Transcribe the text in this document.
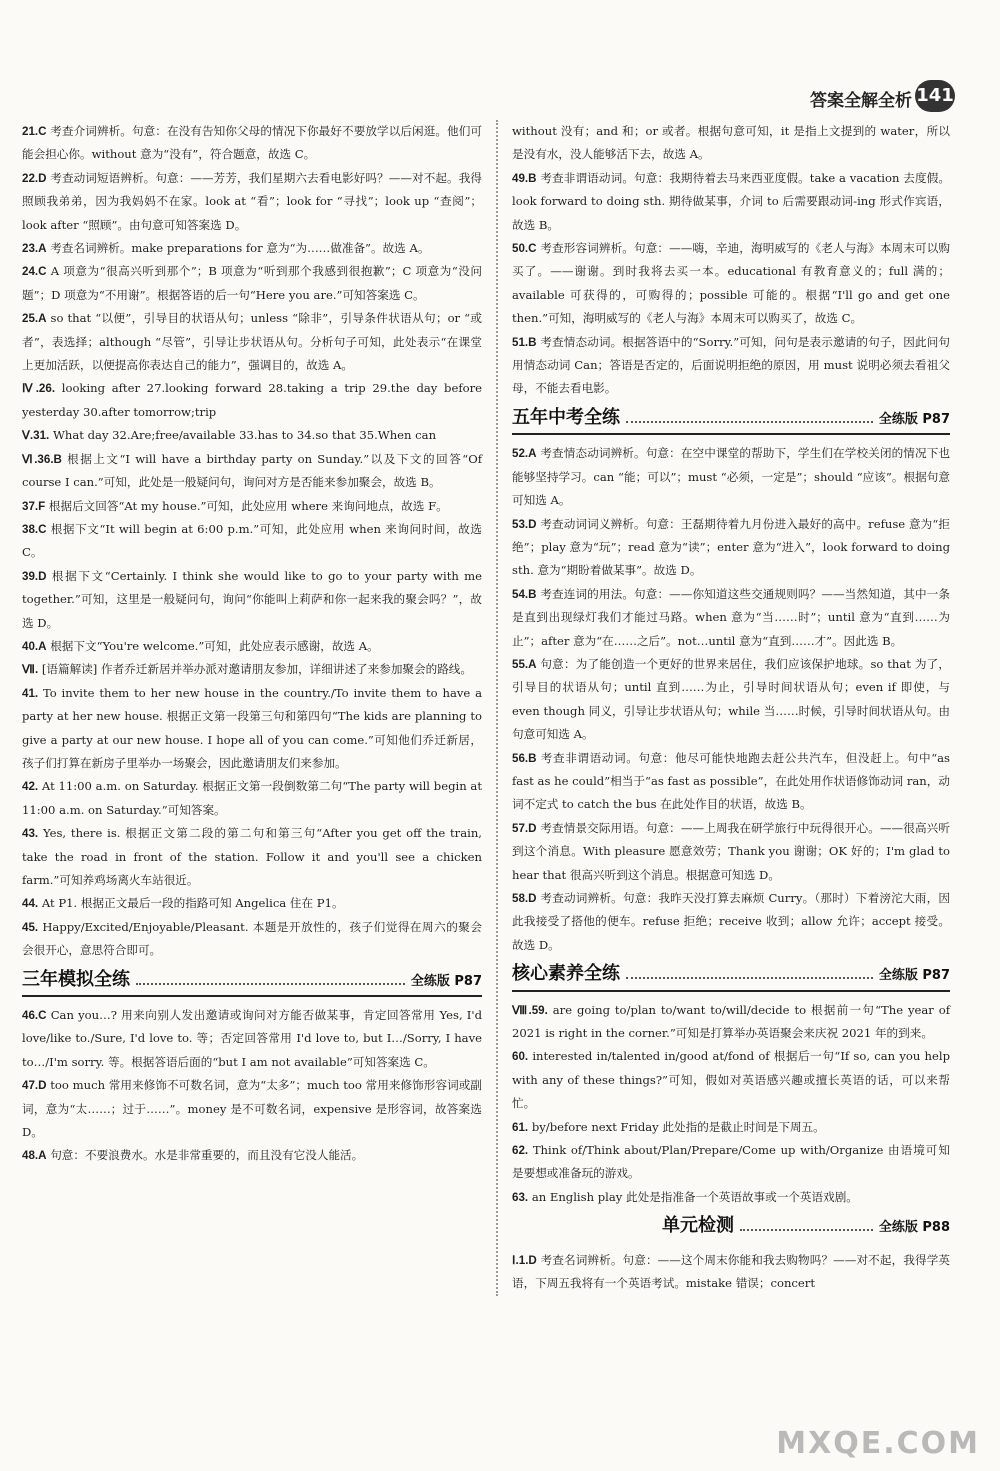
答案全解全析 141

21.C 考查介词辨析。句意：在没有告知你父母的情况下你最好不要放学以后闲逛。他们可能会担心你。without 意为“没有”，符合题意，故选 C。

22.D 考查动词短语辨析。句意：——芳芳，我们星期六去看电影好吗？——对不起。我得照顾我弟弟，因为我妈妈不在家。look at “看”；look for “寻找”；look up “查阅”；look after “照顾”。由句意可知答案选 D。

23.A 考查名词辨析。make preparations for 意为“为……做准备”。故选 A。

24.C A 项意为“很高兴听到那个”；B 项意为“听到那个我感到很抱歉”；C 项意为“没问题”；D 项意为“不用谢”。根据答语的后一句“Here you are.”可知答案选 C。

25.A so that “以便”，引导目的状语从句；unless “除非”，引导条件状语从句；or “或者”，表选择；although “尽管”，引导让步状语从句。分析句子可知，此处表示“在课堂上更加活跃，以便提高你表达自己的能力”，强调目的，故选 A。

Ⅳ.26. looking after 27.looking forward 28.taking a trip 29.the day before yesterday 30.after tomorrow;trip

Ⅴ.31. What day 32.Are;free/available 33.has to 34.so that 35.When can

Ⅵ.36.B 根据上文“I will have a birthday party on Sunday.”以及下文的回答“Of course I can.”可知，此处是一般疑问句，询问对方是否能来参加聚会，故选 B。

37.F 根据后文回答“At my house.”可知，此处应用 where 来询问地点，故选 F。

38.C 根据下文“It will begin at 6:00 p.m.”可知，此处应用 when 来询问时间，故选 C。

39.D 根据下文“Certainly. I think she would like to go to your party with me together.”可知，这里是一般疑问句，询问“你能叫上莉萨和你一起来我的聚会吗？”，故选 D。

40.A 根据下文“You're welcome.”可知，此处应表示感谢，故选 A。

Ⅶ. [语篇解读] 作者乔迁新居并举办派对邀请朋友参加，详细讲述了来参加聚会的路线。

41. To invite them to her new house in the country./To invite them to have a party at her new house. 根据正文第一段第三句和第四句“The kids are planning to give a party at our new house. I hope all of you can come.”可知他们乔迁新居，孩子们打算在新房子里举办一场聚会，因此邀请朋友们来参加。

42. At 11:00 a.m. on Saturday. 根据正文第一段倒数第二句“The party will begin at 11:00 a.m. on Saturday.”可知答案。

43. Yes, there is. 根据正文第二段的第二句和第三句“After you get off the train, take the road in front of the station. Follow it and you'll see a chicken farm.”可知养鸡场离火车站很近。

44. At P1. 根据正文最后一段的指路可知 Angelica 住在 P1。

45. Happy/Excited/Enjoyable/Pleasant. 本题是开放性的，孩子们觉得在周六的聚会会很开心，意思符合即可。

三年模拟全练	全练版 P87

46.C Can you…? 用来向别人发出邀请或询问对方能否做某事，肯定回答常用 Yes, I'd love/like to./Sure, I'd love to. 等；否定回答常用 I'd love to, but I…/Sorry, I have to…/I'm sorry. 等。根据答语后面的“but I am not available”可知答案选 C。

47.D too much 常用来修饰不可数名词，意为“太多”；much too 常用来修饰形容词或副词，意为“太……；过于……”。money 是不可数名词，expensive 是形容词，故答案选 D。

48.A 句意：不要浪费水。水是非常重要的，而且没有它没人能活。

without 没有；and 和；or 或者。根据句意可知，it 是指上文提到的 water，所以是没有水，没人能够活下去，故选 A。

49.B 考查非谓语动词。句意：我期待着去马来西亚度假。take a vacation 去度假。look forward to doing sth. 期待做某事，介词 to 后需要跟动词-ing 形式作宾语，故选 B。

50.C 考查形容词辨析。句意：——嗨，辛迪，海明威写的《老人与海》本周末可以购买了。——谢谢。到时我将去买一本。educational 有教育意义的；full 满的；available 可获得的，可购得的；possible 可能的。根据“I'll go and get one then.”可知，海明威写的《老人与海》本周末可以购买了，故选 C。

51.B 考查情态动词。根据答语中的“Sorry.”可知，问句是表示邀请的句子，因此问句用情态动词 Can；答语是否定的，后面说明拒绝的原因，用 must 说明必须去看祖父母，不能去看电影。

五年中考全练	全练版 P87

52.A 考查情态动词辨析。句意：在空中课堂的帮助下，学生们在学校关闭的情况下也能够坚持学习。can “能；可以”；must “必须，一定是”；should “应该”。根据句意可知选 A。

53.D 考查动词词义辨析。句意：王磊期待着九月份进入最好的高中。refuse 意为“拒绝”；play 意为“玩”；read 意为“读”；enter 意为“进入”，look forward to doing sth. 意为“期盼着做某事”。故选 D。

54.B 考查连词的用法。句意：——你知道这些交通规则吗？——当然知道，其中一条是直到出现绿灯我们才能过马路。when 意为“当……时”；until 意为“直到……为止”；after 意为“在……之后”。not…until 意为“直到……才”。因此选 B。

55.A 句意：为了能创造一个更好的世界来居住，我们应该保护地球。so that 为了，引导目的状语从句；until 直到……为止，引导时间状语从句；even if 即使，与 even though 同义，引导让步状语从句；while 当……时候，引导时间状语从句。由句意可知选 A。

56.B 考查非谓语动词。句意：他尽可能快地跑去赶公共汽车，但没赶上。句中“as fast as he could”相当于“as fast as possible”，在此处用作状语修饰动词 ran，动词不定式 to catch the bus 在此处作目的状语，故选 B。

57.D 考查情景交际用语。句意：——上周我在研学旅行中玩得很开心。——很高兴听到这个消息。With pleasure 愿意效劳；Thank you 谢谢；OK 好的；I'm glad to hear that 很高兴听到这个消息。根据意可知选 D。

58.D 考查动词辨析。句意：我昨天没打算去麻烦 Curry。（那时）下着滂沱大雨，因此我接受了搭他的便车。refuse 拒绝；receive 收到；allow 允许；accept 接受。故选 D。

核心素养全练	全练版 P87

Ⅷ.59. are going to/plan to/want to/will/decide to 根据前一句“The year of 2021 is right in the corner.”可知是打算举办英语聚会来庆祝 2021 年的到来。

60. interested in/talented in/good at/fond of 根据后一句“If so, can you help with any of these things?”可知，假如对英语感兴趣或擅长英语的话，可以来帮忙。

61. by/before next Friday 此处指的是截止时间是下周五。

62. Think of/Think about/Plan/Prepare/Come up with/Organize 由语境可知是要想或准备玩的游戏。

63. an English play 此处是指准备一个英语故事或一个英语戏剧。

单元检测	全练版 P88

Ⅰ.1.D 考查名词辨析。句意：——这个周末你能和我去购物吗？——对不起，我得学英语，下周五我将有一个英语考试。mistake 错误；concert

MXQE.COM
